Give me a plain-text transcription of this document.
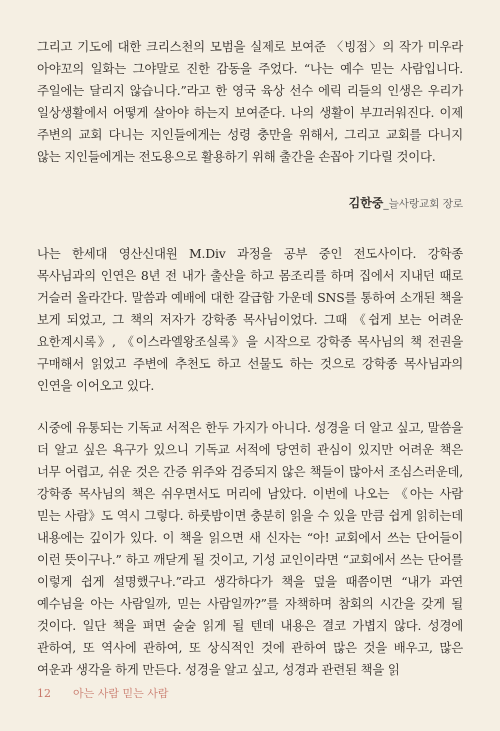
그리고 기도에 대한 크리스천의 모범을 실제로 보여준 〈빙점〉의 작가 미우라 아야꼬의 일화는 그야말로 진한 감동을 주었다. “나는 예수 믿는 사람입니다. 주일에는 달리지 않습니다.”라고 한 영국 육상 선수 에릭 리들의 인생은 우리가 일상생활에서 어떻게 살아야 하는지 보여준다. 나의 생활이 부끄러워진다. 이제 주변의 교회 다니는 지인들에게는 성령 충만을 위해서, 그리고 교회를 다니지 않는 지인들에게는 전도용으로 활용하기 위해 출간을 손꼽아 기다릴 것이다.

김한중_늘사랑교회 장로

나는 한세대 영산신대원 M.Div 과정을 공부 중인 전도사이다. 강학종 목사님과의 인연은 8년 전 내가 출산을 하고 몸조리를 하며 집에서 지내던 때로 거슬러 올라간다. 말씀과 예배에 대한 갈급함 가운데 SNS를 통하여 소개된 책을 보게 되었고, 그 책의 저자가 강학종 목사님이었다. 그때 《쉽게 보는 어려운 요한계시록》, 《이스라엘왕조실록》을 시작으로 강학종 목사님의 책 전권을 구매해서 읽었고 주변에 추천도 하고 선물도 하는 것으로 강학종 목사님과의 인연을 이어오고 있다.

시중에 유통되는 기독교 서적은 한두 가지가 아니다. 성경을 더 알고 싶고, 말씀을 더 알고 싶은 욕구가 있으니 기독교 서적에 당연히 관심이 있지만 어려운 책은 너무 어렵고, 쉬운 것은 간증 위주와 검증되지 않은 책들이 많아서 조심스러운데, 강학종 목사님의 책은 쉬우면서도 머리에 남았다. 이번에 나오는 《아는 사람 믿는 사람》도 역시 그렇다. 하룻밤이면 충분히 읽을 수 있을 만큼 쉽게 읽히는데 내용에는 깊이가 있다. 이 책을 읽으면 새 신자는 “아! 교회에서 쓰는 단어들이 이런 뜻이구나.” 하고 깨닫게 될 것이고, 기성 교인이라면 “교회에서 쓰는 단어를 이렇게 쉽게 설명했구나.”라고 생각하다가 책을 덮을 때쯤이면 “내가 과연 예수님을 아는 사람일까, 믿는 사람일까?”를 자책하며 참회의 시간을 갖게 될 것이다. 일단 책을 펴면 술술 읽게 될 텐데 내용은 결코 가볍지 않다. 성경에 관하여, 또 역사에 관하여, 또 상식적인 것에 관하여 많은 것을 배우고, 많은 여운과 생각을 하게 만든다. 성경을 알고 싶고, 성경과 관련된 책을 읽

12 아는 사람 믿는 사람
